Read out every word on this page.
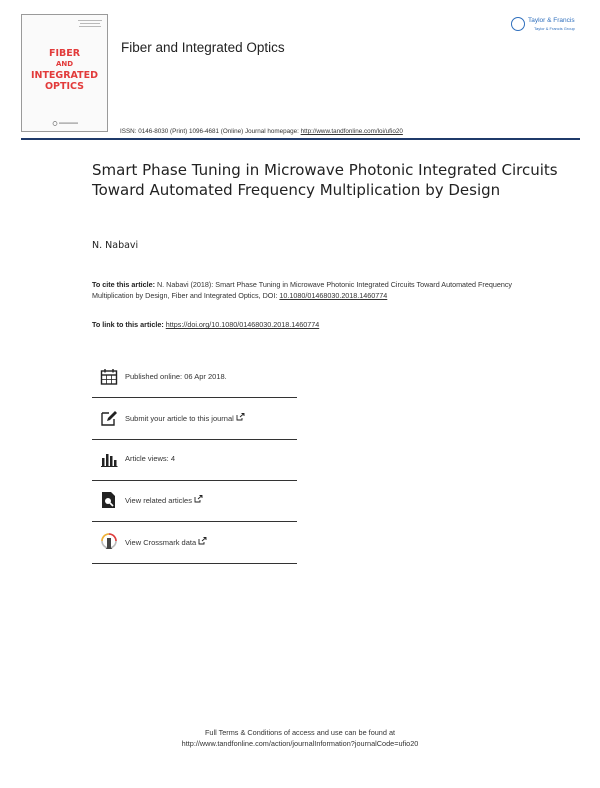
FIBER
AND
INTEGRATED
OPTICS
Fiber and Integrated Optics
Taylor & Francis
Taylor & Francis Group
ISSN: 0146-8030 (Print) 1096-4681 (Online) Journal homepage: http://www.tandfonline.com/loi/ufio20
Smart Phase Tuning in Microwave Photonic Integrated Circuits Toward Automated Frequency Multiplication by Design
N. Nabavi
To cite this article: N. Nabavi (2018): Smart Phase Tuning in Microwave Photonic Integrated Circuits Toward Automated Frequency Multiplication by Design, Fiber and Integrated Optics, DOI: 10.1080/01468030.2018.1460774
To link to this article: https://doi.org/10.1080/01468030.2018.1460774
Published online: 06 Apr 2018.
Submit your article to this journal
Article views: 4
View related articles
View Crossmark data
Full Terms & Conditions of access and use can be found at
http://www.tandfonline.com/action/journalInformation?journalCode=ufio20
